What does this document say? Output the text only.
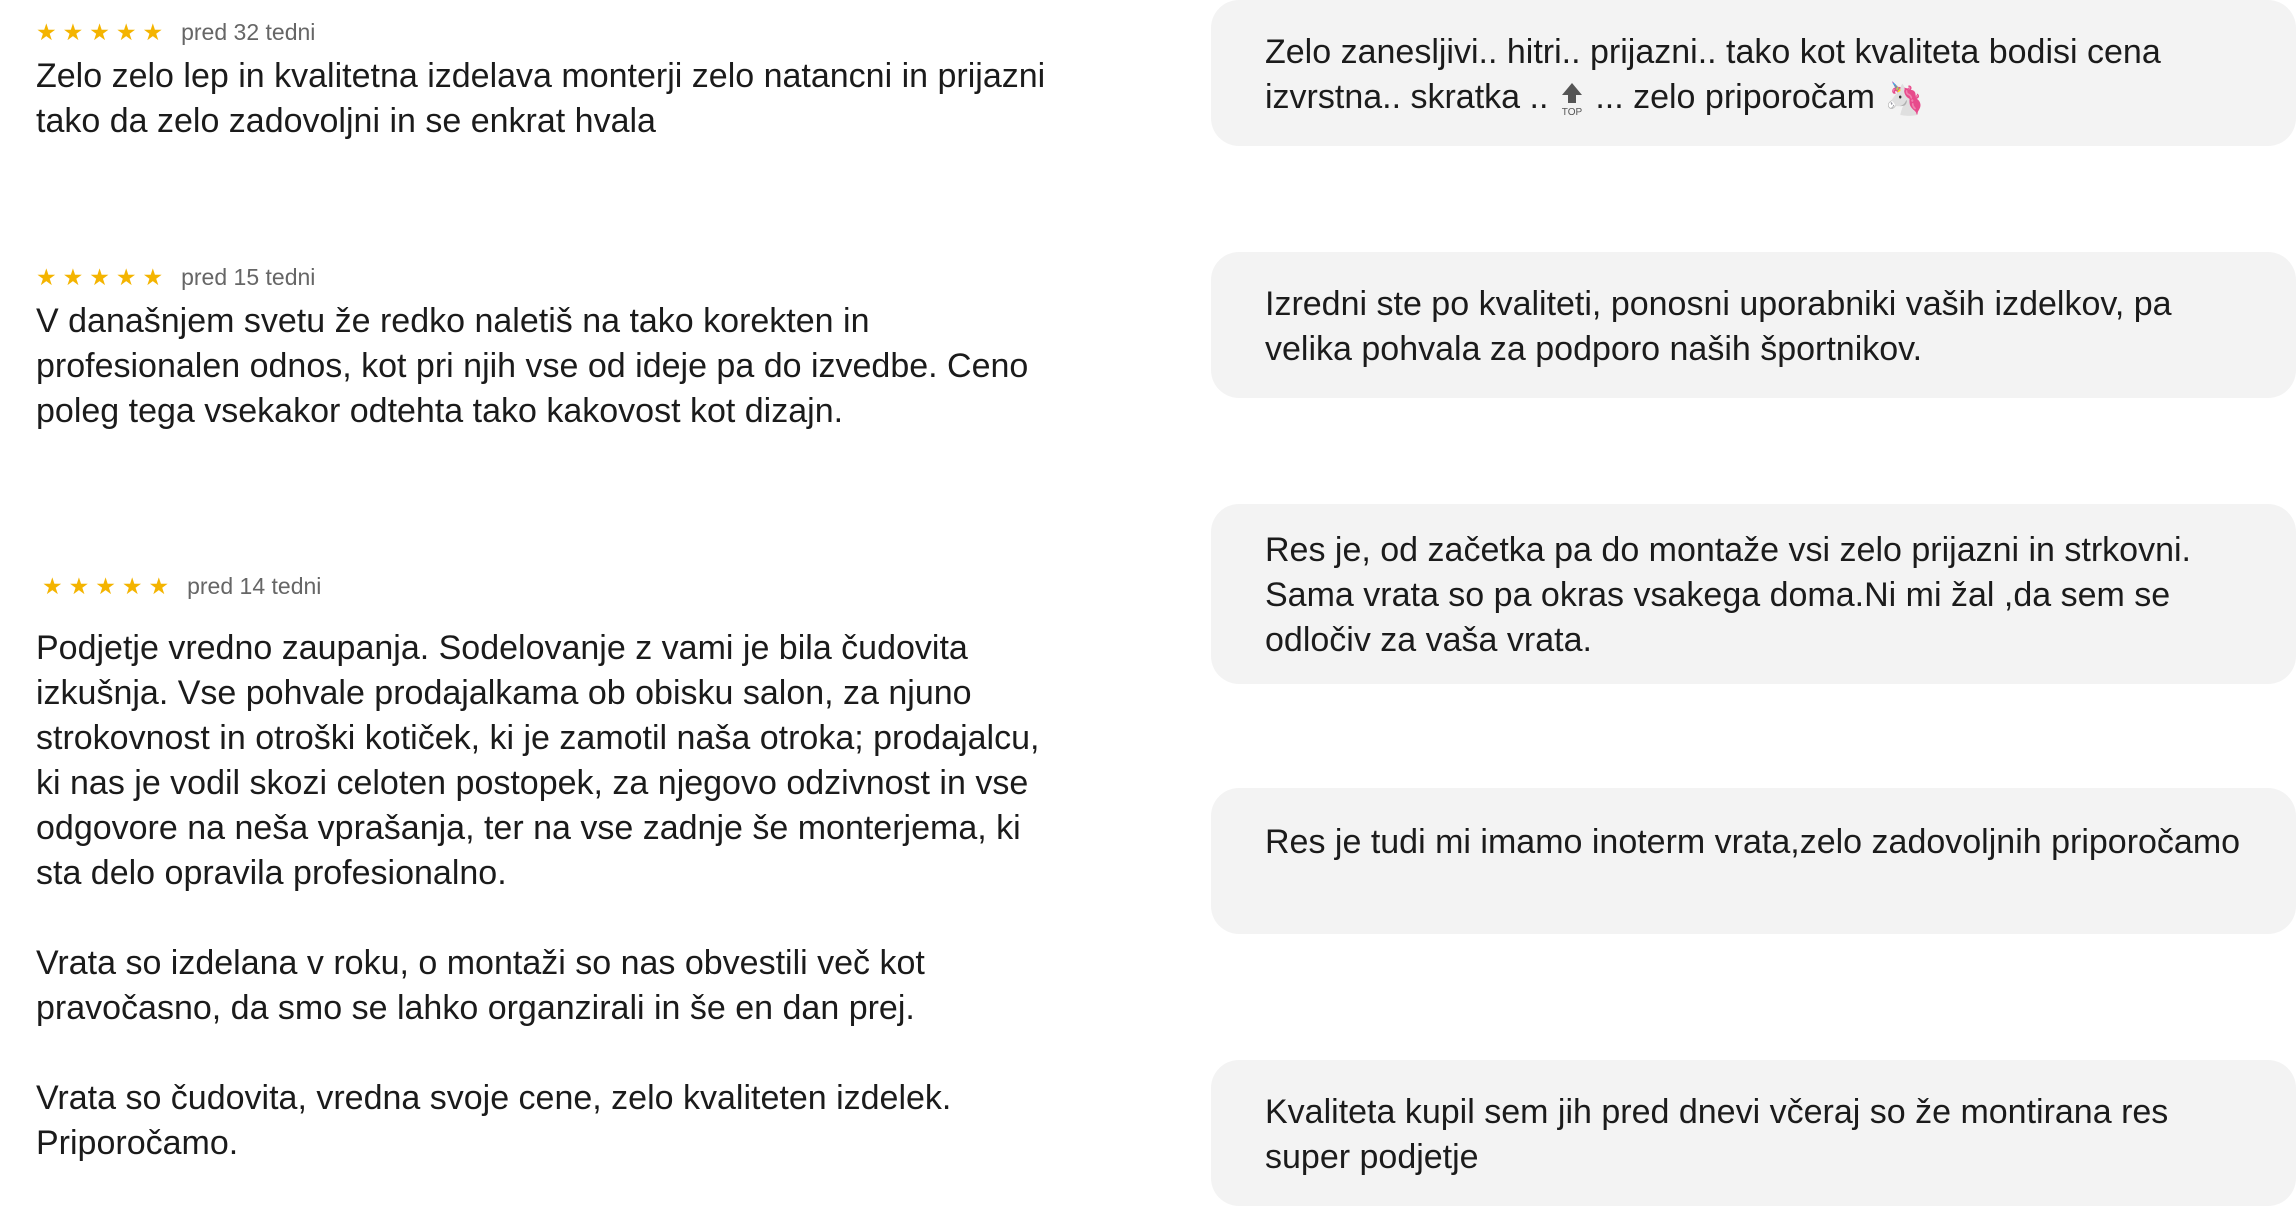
★★★★★ pred 32 tedni

Zelo zelo lep in kvalitetna izdelava monterji zelo natancni in prijazni tako da zelo zadovoljni in se enkrat hvala

★★★★★ pred 15 tedni

V današnjem svetu že redko naletiš na tako korekten in profesionalen odnos, kot pri njih vse od ideje pa do izvedbe. Ceno poleg tega vsekakor odtehta tako kakovost kot dizajn.

★★★★★ pred 14 tedni

Podjetje vredno zaupanja. Sodelovanje z vami je bila čudovita izkušnja. Vse pohvale prodajalkama ob obisku salon, za njuno strokovnost in otroški kotiček, ki je zamotil naša otroka; prodajalcu, ki nas je vodil skozi celoten postopek, za njegovo odzivnost in vse odgovore na neša vprašanja, ter na vse zadnje še monterjema, ki sta delo opravila profesionalno.

Vrata so izdelana v roku, o montaži so nas obvestili več kot pravočasno, da smo se lahko organzirali in še en dan prej.

Vrata so čudovita, vredna svoje cene, zelo kvaliteten izdelek. Priporočamo.

Zelo zanesljivi.. hitri.. prijazni.. tako kot kvaliteta bodisi cena izvrstna.. skratka .. TOP ... zelo priporočam 🦄

Izredni ste po kvaliteti, ponosni uporabniki vaših izdelkov, pa velika pohvala za podporo naših športnikov.

Res je, od začetka pa do montaže vsi zelo prijazni in strkovni. Sama vrata so pa okras vsakega doma.Ni mi žal ,da sem se odločiv za vaša vrata.

Res je tudi mi imamo inoterm vrata,zelo zadovoljnih priporočamo

Kvaliteta kupil sem jih pred dnevi včeraj so že montirana res super podjetje
